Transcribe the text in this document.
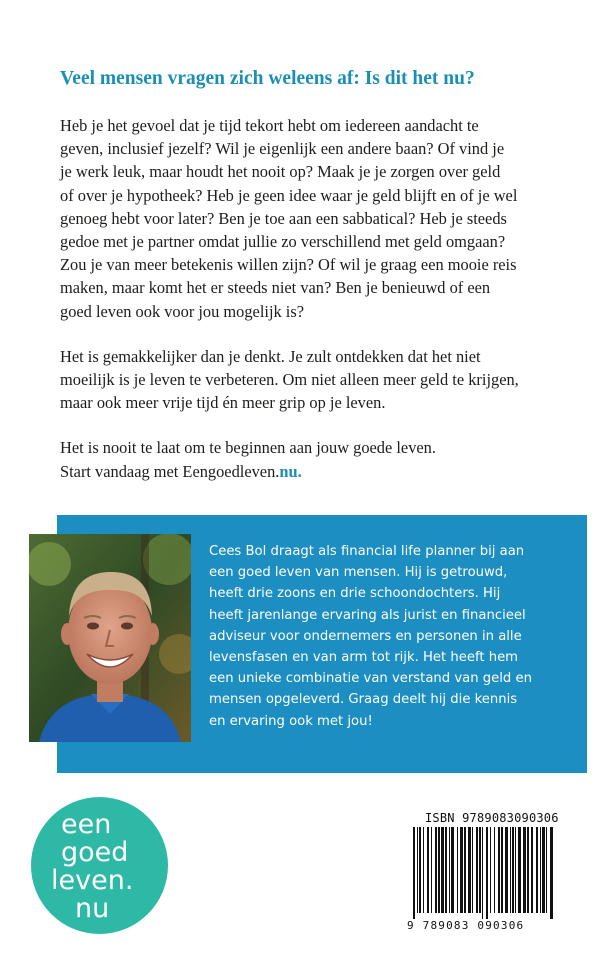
Veel mensen vragen zich weleens af: Is dit het nu?

Heb je het gevoel dat je tijd tekort hebt om iedereen aandacht te
geven, inclusief jezelf? Wil je eigenlijk een andere baan? Of vind je
je werk leuk, maar houdt het nooit op? Maak je je zorgen over geld
of over je hypotheek? Heb je geen idee waar je geld blijft en of je wel
genoeg hebt voor later? Ben je toe aan een sabbatical? Heb je steeds
gedoe met je partner omdat jullie zo verschillend met geld omgaan?
Zou je van meer betekenis willen zijn? Of wil je graag een mooie reis
maken, maar komt het er steeds niet van? Ben je benieuwd of een
goed leven ook voor jou mogelijk is?

Het is gemakkelijker dan je denkt. Je zult ontdekken dat het niet
moeilijk is je leven te verbeteren. Om niet alleen meer geld te krijgen,
maar ook meer vrije tijd én meer grip op je leven.

Het is nooit te laat om te beginnen aan jouw goede leven.
Start vandaag met Eengoedleven.nu.

Cees Bol draagt als financial life planner bij aan
een goed leven van mensen. Hij is getrouwd,
heeft drie zoons en drie schoondochters. Hij
heeft jarenlange ervaring als jurist en financieel
adviseur voor ondernemers en personen in alle
levensfasen en van arm tot rijk. Het heeft hem
een unieke combinatie van verstand van geld en
mensen opgeleverd. Graag deelt hij die kennis
en ervaring ook met jou!
een
goed
leven.
nu
ISBN 9789083090306
9 789083 090306
